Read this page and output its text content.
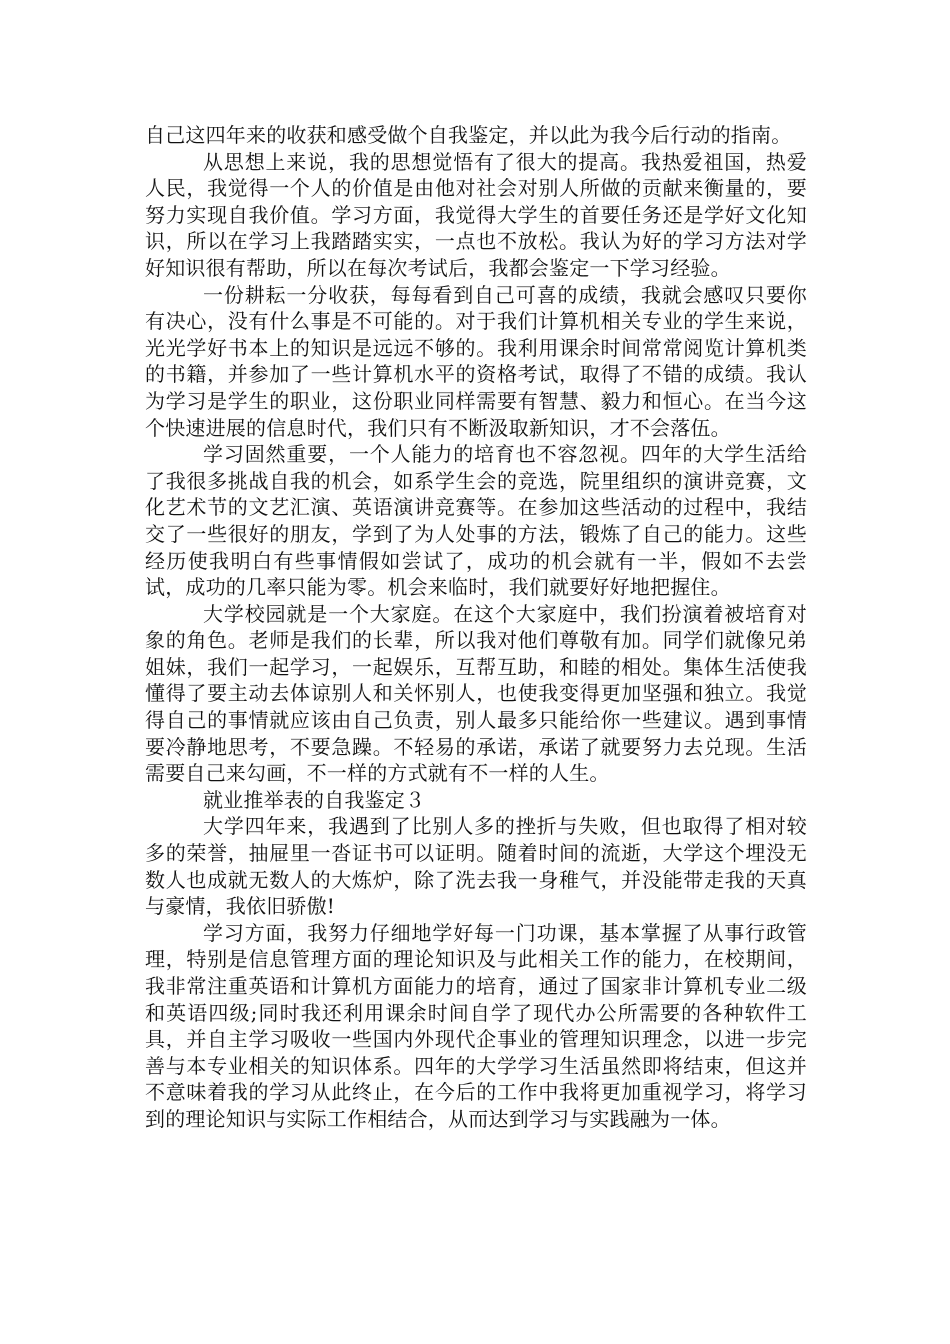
自己这四年来的收获和感受做个自我鉴定，并以此为我今后行动的指南。

从思想上来说，我的思想觉悟有了很大的提高。我热爱祖国，热爱人民，我觉得一个人的价值是由他对社会对别人所做的贡献来衡量的，要努力实现自我价值。学习方面，我觉得大学生的首要任务还是学好文化知识，所以在学习上我踏踏实实，一点也不放松。我认为好的学习方法对学好知识很有帮助，所以在每次考试后，我都会鉴定一下学习经验。

一份耕耘一分收获，每每看到自己可喜的成绩，我就会感叹只要你有决心，没有什么事是不可能的。对于我们计算机相关专业的学生来说，光光学好书本上的知识是远远不够的。我利用课余时间常常阅览计算机类的书籍，并参加了一些计算机水平的资格考试，取得了不错的成绩。我认为学习是学生的职业，这份职业同样需要有智慧、毅力和恒心。在当今这个快速进展的信息时代，我们只有不断汲取新知识，才不会落伍。

学习固然重要，一个人能力的培育也不容忽视。四年的大学生活给了我很多挑战自我的机会，如系学生会的竞选，院里组织的演讲竞赛，文化艺术节的文艺汇演、英语演讲竞赛等。在参加这些活动的过程中，我结交了一些很好的朋友，学到了为人处事的方法，锻炼了自己的能力。这些经历使我明白有些事情假如尝试了，成功的机会就有一半，假如不去尝试，成功的几率只能为零。机会来临时，我们就要好好地把握住。

大学校园就是一个大家庭。在这个大家庭中，我们扮演着被培育对象的角色。老师是我们的长辈，所以我对他们尊敬有加。同学们就像兄弟姐妹，我们一起学习，一起娱乐，互帮互助，和睦的相处。集体生活使我懂得了要主动去体谅别人和关怀别人，也使我变得更加坚强和独立。我觉得自己的事情就应该由自己负责，别人最多只能给你一些建议。遇到事情要冷静地思考，不要急躁。不轻易的承诺，承诺了就要努力去兑现。生活需要自己来勾画，不一样的方式就有不一样的人生。

就业推举表的自我鉴定３

大学四年来，我遇到了比别人多的挫折与失败，但也取得了相对较多的荣誉，抽屉里一沓证书可以证明。随着时间的流逝，大学这个埋没无数人也成就无数人的大炼炉，除了洗去我一身稚气，并没能带走我的天真与豪情，我依旧骄傲!

学习方面，我努力仔细地学好每一门功课，基本掌握了从事行政管理，特别是信息管理方面的理论知识及与此相关工作的能力，在校期间，我非常注重英语和计算机方面能力的培育，通过了国家非计算机专业二级和英语四级;同时我还利用课余时间自学了现代办公所需要的各种软件工具，并自主学习吸收一些国内外现代企事业的管理知识理念，以进一步完善与本专业相关的知识体系。四年的大学学习生活虽然即将结束，但这并不意味着我的学习从此终止，在今后的工作中我将更加重视学习，将学习到的理论知识与实际工作相结合，从而达到学习与实践融为一体。
